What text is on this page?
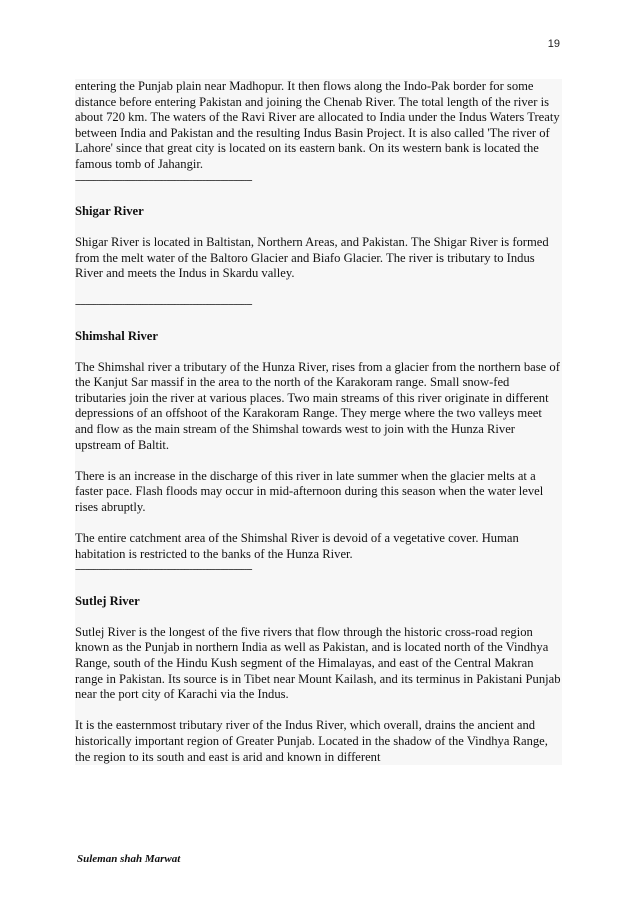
19

entering the Punjab plain near Madhopur. It then flows along the Indo-Pak border for some distance before entering Pakistan and joining the Chenab River. The total length of the river is about 720 km. The waters of the Ravi River are allocated to India under the Indus Waters Treaty between India and Pakistan and the resulting Indus Basin Project. It is also called 'The river of Lahore' since that great city is located on its eastern bank. On its western bank is located the famous tomb of Jahangir.

--------------------------------------------------------------------

Shigar River

Shigar River is located in Baltistan, Northern Areas, and Pakistan. The Shigar River is formed from the melt water of the Baltoro Glacier and Biafo Glacier. The river is tributary to Indus River and meets the Indus in Skardu valley.

--------------------------------------------------------------------

Shimshal River

The Shimshal river a tributary of the Hunza River, rises from a glacier from the northern base of the Kanjut Sar massif in the area to the north of the Karakoram range. Small snow-fed tributaries join the river at various places. Two main streams of this river originate in different depressions of an offshoot of the Karakoram Range. They merge where the two valleys meet and flow as the main stream of the Shimshal towards west to join with the Hunza River upstream of Baltit.

There is an increase in the discharge of this river in late summer when the glacier melts at a faster pace. Flash floods may occur in mid-afternoon during this season when the water level rises abruptly.

The entire catchment area of the Shimshal River is devoid of a vegetative cover. Human habitation is restricted to the banks of the Hunza River.

--------------------------------------------------------------------

Sutlej River

Sutlej River is the longest of the five rivers that flow through the historic cross-road region known as the Punjab in northern India as well as Pakistan, and is located north of the Vindhya Range, south of the Hindu Kush segment of the Himalayas, and east of the Central Makran range in Pakistan. Its source is in Tibet near Mount Kailash, and its terminus in Pakistani Punjab near the port city of Karachi via the Indus.

It is the easternmost tributary river of the Indus River, which overall, drains the ancient and historically important region of Greater Punjab. Located in the shadow of the Vindhya Range, the region to its south and east is arid and known in different

Suleman shah Marwat
